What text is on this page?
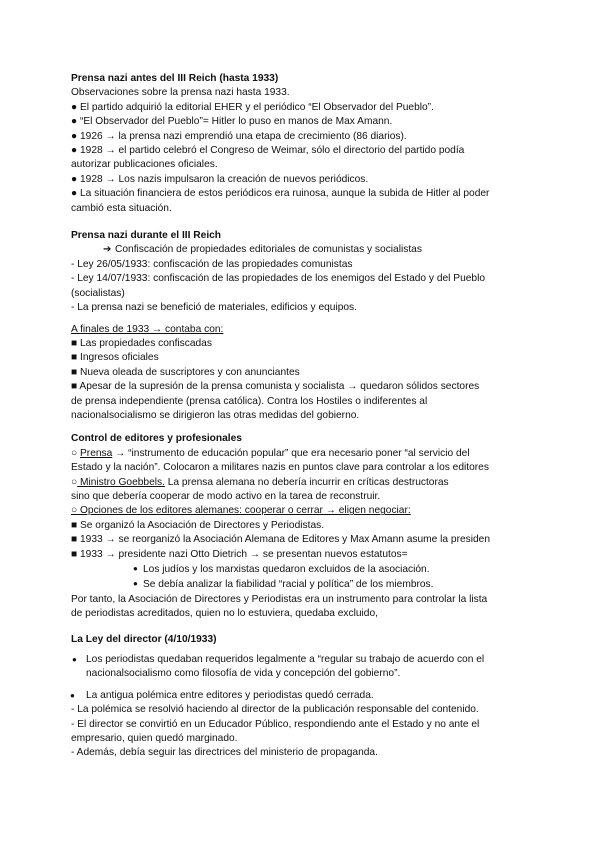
Prensa nazi antes del III Reich (hasta 1933)
Observaciones sobre la prensa nazi hasta 1933.
● El partido adquirió la editorial EHER y el periódico “El Observador del Pueblo”.
● “El Observador del Pueblo”= Hitler lo puso en manos de Max Amann.
● 1926 → la prensa nazi emprendió una etapa de crecimiento (86 diarios).
● 1928 → el partido celebró el Congreso de Weimar, sólo el directorio del partido podía
autorizar publicaciones oficiales.
● 1928 → Los nazis impulsaron la creación de nuevos periódicos.
● La situación financiera de estos periódicos era ruinosa, aunque la subida de Hitler al poder
cambió esta situación.
Prensa nazi durante el III Reich
➔ Confiscación de propiedades editoriales de comunistas y socialistas
- Ley 26/05/1933: confiscación de las propiedades comunistas
- Ley 14/07/1933: confiscación de las propiedades de los enemigos del Estado y del Pueblo
(socialistas)
- La prensa nazi se benefició de materiales, edificios y equipos.
A finales de 1933 → contaba con:
■ Las propiedades confiscadas
■ Ingresos oficiales
■ Nueva oleada de suscriptores y con anunciantes
■ Apesar de la supresión de la prensa comunista y socialista → quedaron sólidos sectores
de prensa independiente (prensa católica). Contra los Hostiles o indiferentes al
nacionalsocialismo se dirigieron las otras medidas del gobierno.
Control de editores y profesionales
○ Prensa → “instrumento de educación popular” que era necesario poner “al servicio del
Estado y la nación”. Colocaron a militares nazis en puntos clave para controlar a los editores
○ Ministro Goebbels. La prensa alemana no debería incurrir en críticas destructoras
sino que debería cooperar de modo activo en la tarea de reconstruir.
○ Opciones de los editores alemanes: cooperar o cerrar → eligen negociar:
■ Se organizó la Asociación de Directores y Periodistas.
■ 1933 → se reorganizó la Asociación Alemana de Editores y Max Amann asume la presiden
■ 1933 → presidente nazi Otto Dietrich → se presentan nuevos estatutos=
● Los judíos y los marxistas quedaron excluidos de la asociación.
● Se debía analizar la fiabilidad “racial y política” de los miembros.
Por tanto, la Asociación de Directores y Periodistas era un instrumento para controlar la lista
de periodistas acreditados, quien no lo estuviera, quedaba excluido,
La Ley del director (4/10/1933)
● Los periodistas quedaban requeridos legalmente a “regular su trabajo de acuerdo con el
nacionalsocialismo como filosofía de vida y concepción del gobierno”.
● La antigua polémica entre editores y periodistas quedó cerrada.
- La polémica se resolvió haciendo al director de la publicación responsable del contenido.
- El director se convirtió en un Educador Público, respondiendo ante el Estado y no ante el
empresario, quien quedó marginado.
- Además, debía seguir las directrices del ministerio de propaganda.
